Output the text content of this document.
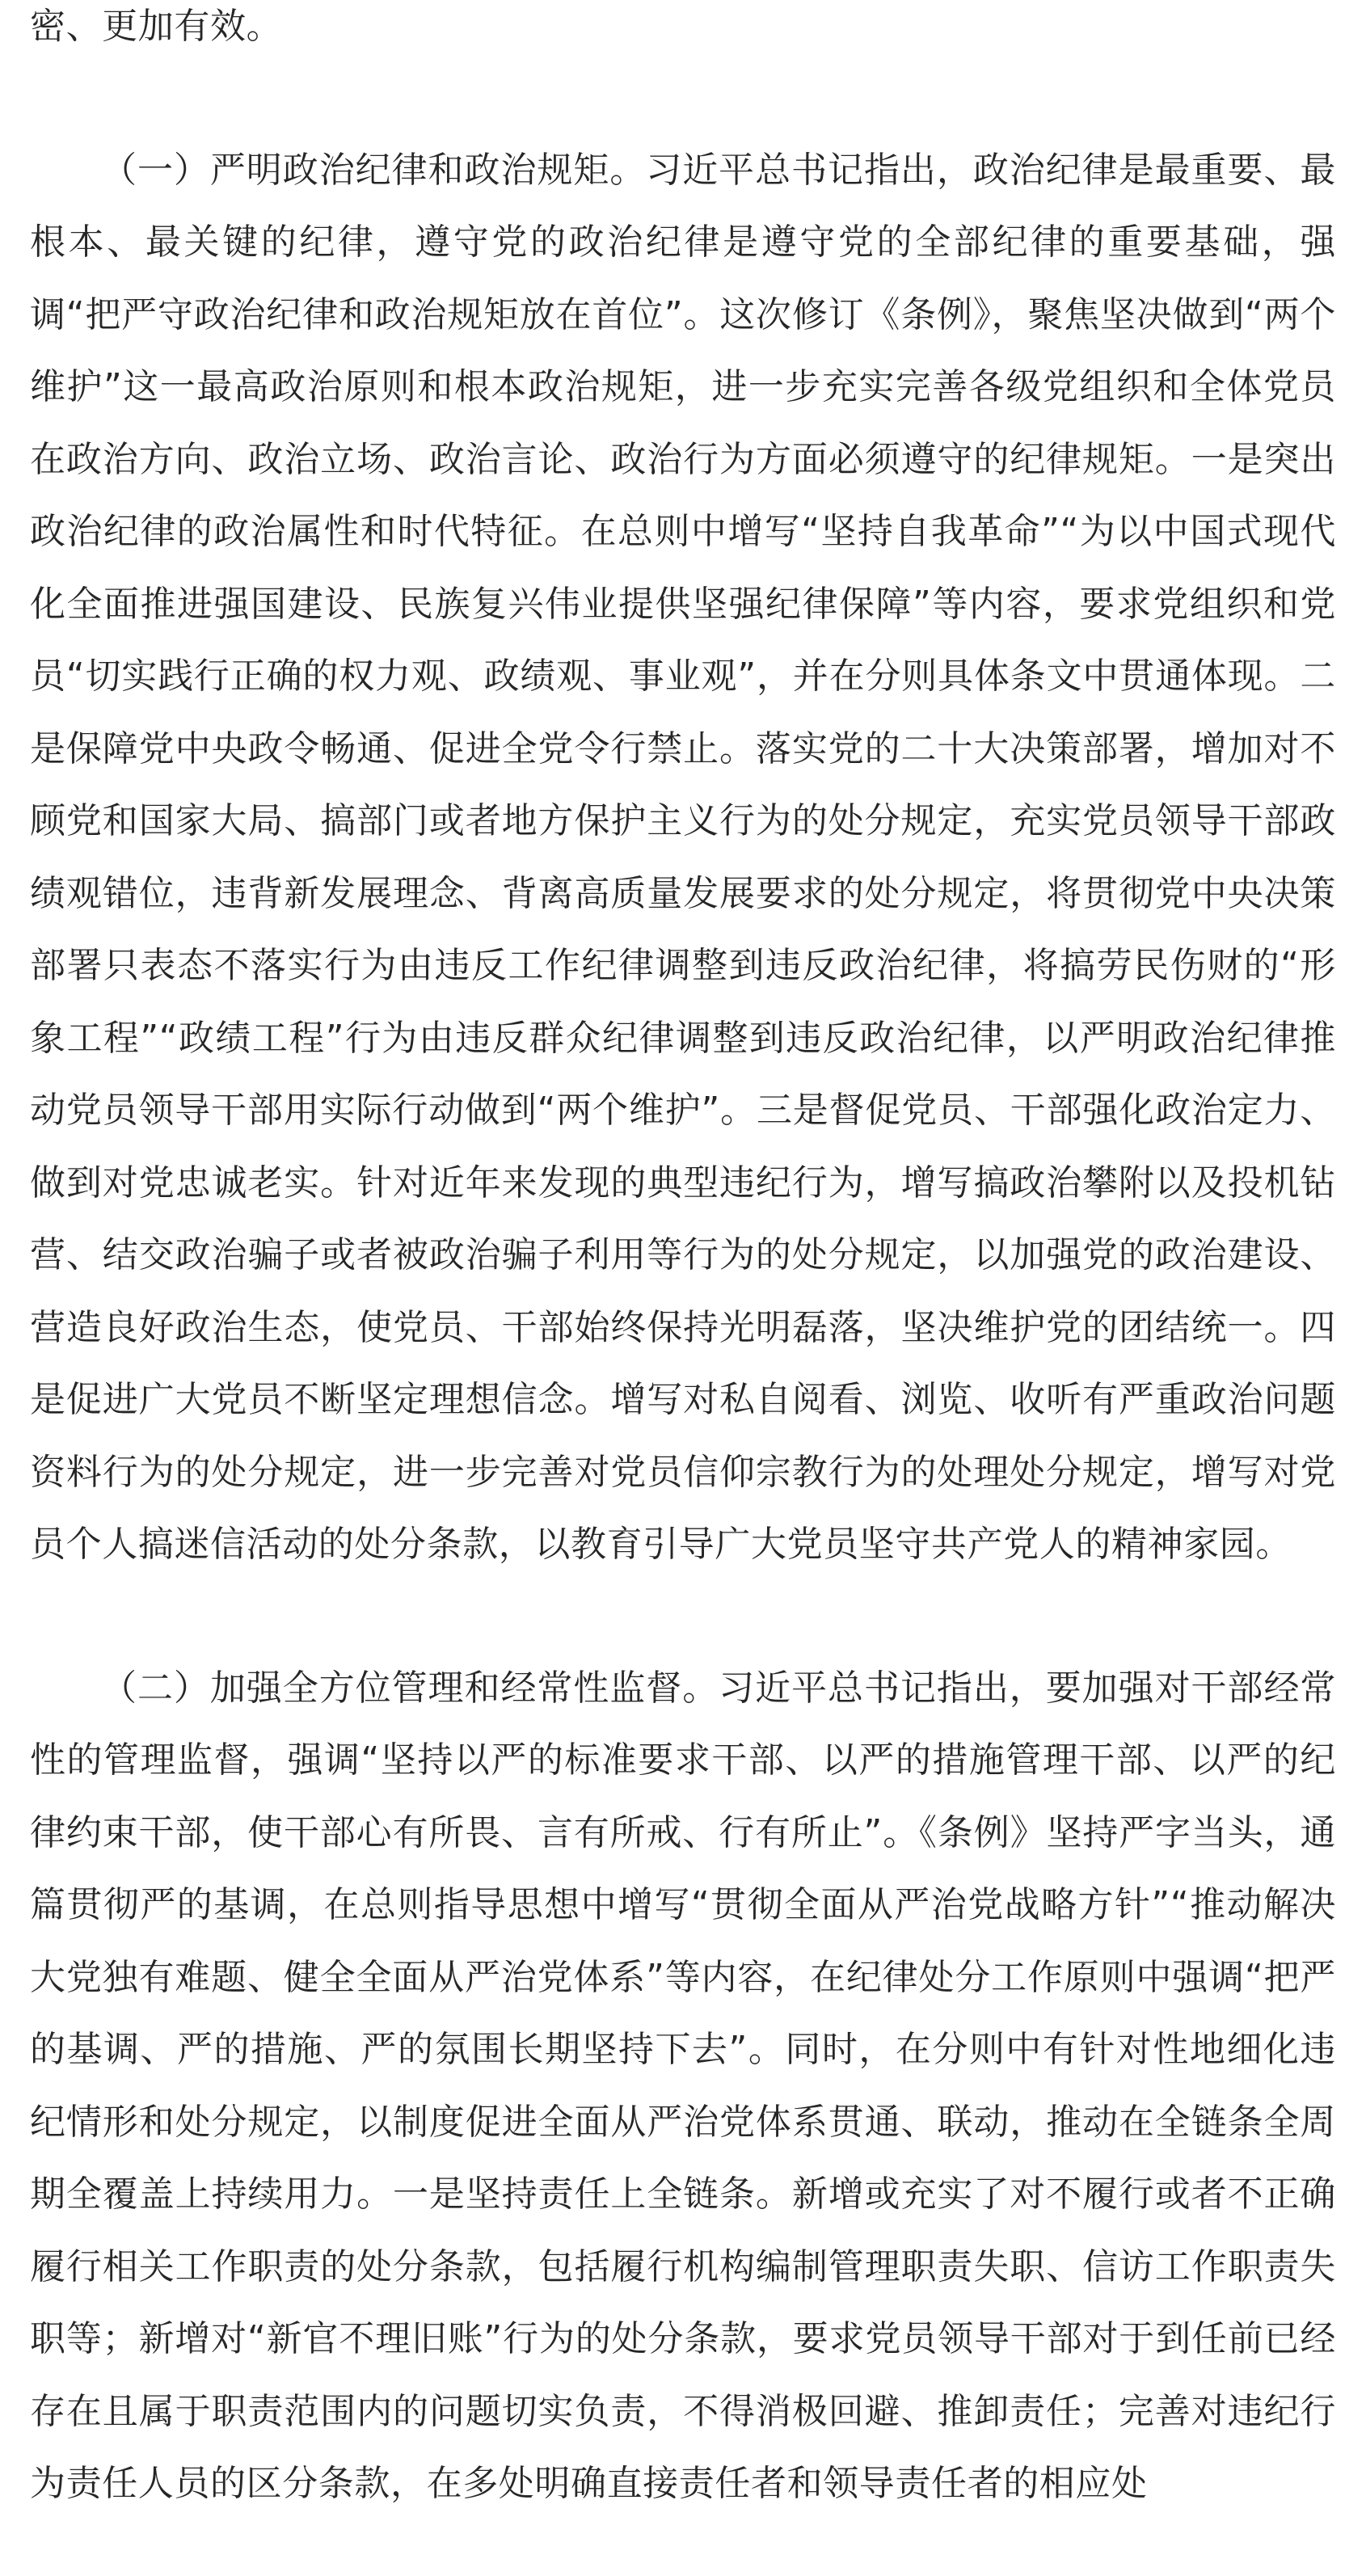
密、更加有效。

（一）严明政治纪律和政治规矩。习近平总书记指出，政治纪律是最重要、最根本、最关键的纪律，遵守党的政治纪律是遵守党的全部纪律的重要基础，强调“把严守政治纪律和政治规矩放在首位”。这次修订《条例》，聚焦坚决做到“两个维护”这一最高政治原则和根本政治规矩，进一步充实完善各级党组织和全体党员在政治方向、政治立场、政治言论、政治行为方面必须遵守的纪律规矩。一是突出政治纪律的政治属性和时代特征。在总则中增写“坚持自我革命”“为以中国式现代化全面推进强国建设、民族复兴伟业提供坚强纪律保障”等内容，要求党组织和党员“切实践行正确的权力观、政绩观、事业观”，并在分则具体条文中贯通体现。二是保障党中央政令畅通、促进全党令行禁止。落实党的二十大决策部署，增加对不顾党和国家大局、搞部门或者地方保护主义行为的处分规定，充实党员领导干部政绩观错位，违背新发展理念、背离高质量发展要求的处分规定，将贯彻党中央决策部署只表态不落实行为由违反工作纪律调整到违反政治纪律，将搞劳民伤财的“形象工程”“政绩工程”行为由违反群众纪律调整到违反政治纪律，以严明政治纪律推动党员领导干部用实际行动做到“两个维护”。三是督促党员、干部强化政治定力、做到对党忠诚老实。针对近年来发现的典型违纪行为，增写搞政治攀附以及投机钻营、结交政治骗子或者被政治骗子利用等行为的处分规定，以加强党的政治建设、营造良好政治生态，使党员、干部始终保持光明磊落，坚决维护党的团结统一。四是促进广大党员不断坚定理想信念。增写对私自阅看、浏览、收听有严重政治问题资料行为的处分规定，进一步完善对党员信仰宗教行为的处理处分规定，增写对党员个人搞迷信活动的处分条款，以教育引导广大党员坚守共产党人的精神家园。

（二）加强全方位管理和经常性监督。习近平总书记指出，要加强对干部经常性的管理监督，强调“坚持以严的标准要求干部、以严的措施管理干部、以严的纪律约束干部，使干部心有所畏、言有所戒、行有所止”。《条例》坚持严字当头，通篇贯彻严的基调，在总则指导思想中增写“贯彻全面从严治党战略方针”“推动解决大党独有难题、健全全面从严治党体系”等内容，在纪律处分工作原则中强调“把严的基调、严的措施、严的氛围长期坚持下去”。同时，在分则中有针对性地细化违纪情形和处分规定，以制度促进全面从严治党体系贯通、联动，推动在全链条全周期全覆盖上持续用力。一是坚持责任上全链条。新增或充实了对不履行或者不正确履行相关工作职责的处分条款，包括履行机构编制管理职责失职、信访工作职责失职等；新增对“新官不理旧账”行为的处分条款，要求党员领导干部对于到任前已经存在且属于职责范围内的问题切实负责，不得消极回避、推卸责任；完善对违纪行为责任人员的区分条款，在多处明确直接责任者和领导责任者的相应处
